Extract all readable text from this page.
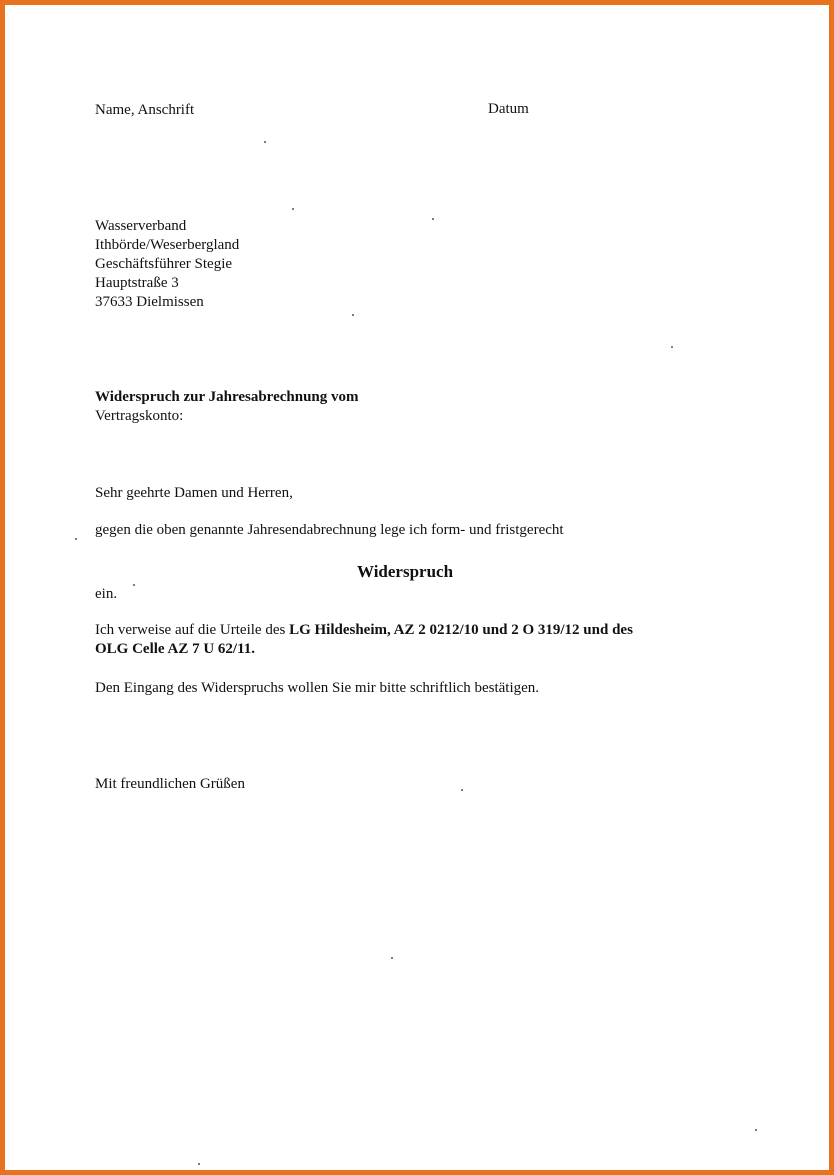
Name, Anschrift	Datum
Wasserverband
Ithbörde/Weserbergland
Geschäftsführer Stegie
Hauptstraße 3
37633 Dielmissen
Widerspruch zur Jahresabrechnung vom
Vertragskonto:
Sehr geehrte Damen und Herren,
gegen die oben genannte Jahresendabrechnung lege ich form- und fristgerecht
Widerspruch
ein.
Ich verweise auf die Urteile des LG Hildesheim, AZ 2 0212/10 und 2 O 319/12 und des
OLG Celle AZ 7 U 62/11.
Den Eingang des Widerspruchs wollen Sie mir bitte schriftlich bestätigen.
Mit freundlichen Grüßen
